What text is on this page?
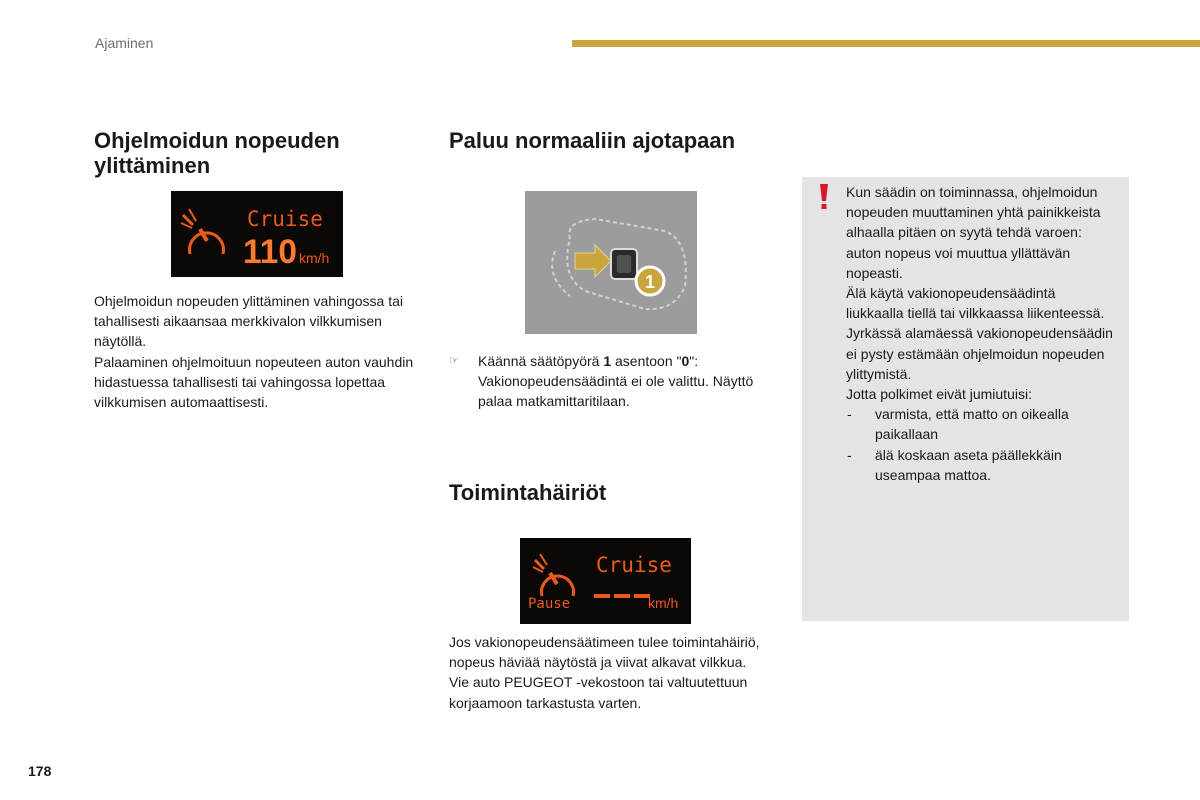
Ajaminen
Ohjelmoidun nopeuden ylittäminen
Cruise
110 km/h

Ohjelmoidun nopeuden ylittäminen vahingossa tai tahallisesti aikaansaa merkkivalon vilkkumisen näytöllä.

Palaaminen ohjelmoituun nopeuteen auton vauhdin hidastuessa tahallisesti tai vahingossa lopettaa vilkkumisen automaattisesti.

Paluu normaaliin ajotapaan
1
☞ Käännä säätöpyörä 1 asentoon "0": Vakionopeudensäädintä ei ole valittu. Näyttö palaa matkamittaritilaan.
Toimintahäiriöt
Cruise
Pause	km/h

Jos vakionopeudensäätimeen tulee toimintahäiriö, nopeus häviää näytöstä ja viivat alkavat vilkkua.

Vie auto PEUGEOT -vekostoon tai valtuutettuun korjaamoon tarkastusta varten.

Kun säädin on toiminnassa, ohjelmoidun nopeuden muuttaminen yhtä painikkeista alhaalla pitäen on syytä tehdä varoen: auton nopeus voi muuttua yllättävän nopeasti.

Älä käytä vakionopeudensäädintä liukkaalla tiellä tai vilkkaassa liikenteessä.

Jyrkässä alamäessä vakionopeudensäädin ei pysty estämään ohjelmoidun nopeuden ylittymistä.

Jotta polkimet eivät jumiutuisi:

- varmista, että matto on oikealla paikallaan
- älä koskaan aseta päällekkäin useampaa mattoa.
178
